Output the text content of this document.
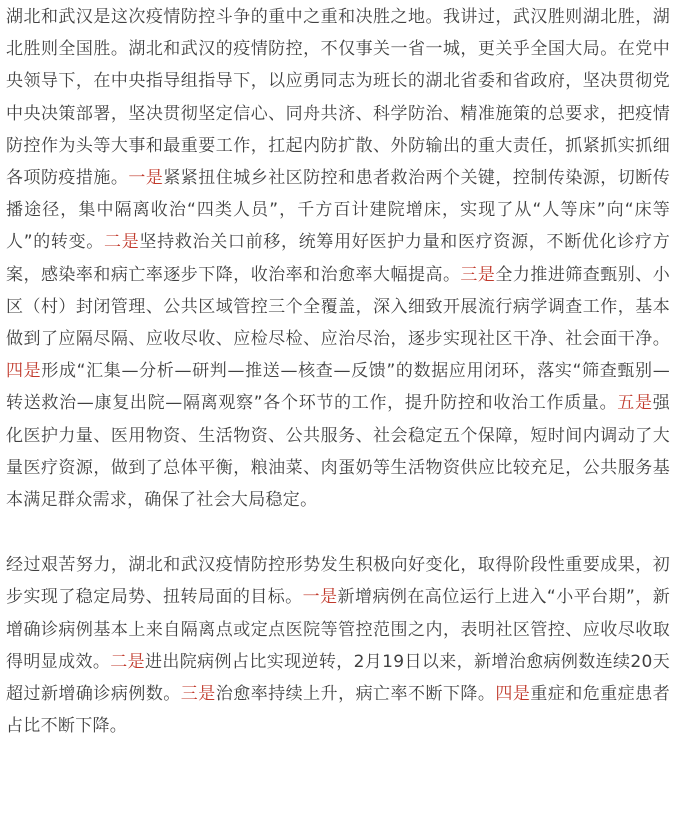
湖北和武汉是这次疫情防控斗争的重中之重和决胜之地。我讲过，武汉胜则湖北胜，湖北胜则全国胜。湖北和武汉的疫情防控，不仅事关一省一城，更关乎全国大局。在党中央领导下，在中央指导组指导下，以应勇同志为班长的湖北省委和省政府，坚决贯彻党中央决策部署，坚决贯彻坚定信心、同舟共济、科学防治、精准施策的总要求，把疫情防控作为头等大事和最重要工作，扛起内防扩散、外防输出的重大责任，抓紧抓实抓细各项防疫措施。一是紧紧扭住城乡社区防控和患者救治两个关键，控制传染源，切断传播途径，集中隔离收治“四类人员”，千方百计建院增床，实现了从“人等床”向“床等人”的转变。二是坚持救治关口前移，统筹用好医护力量和医疗资源，不断优化诊疗方案，感染率和病亡率逐步下降，收治率和治愈率大幅提高。三是全力推进筛查甄别、小区（村）封闭管理、公共区域管控三个全覆盖，深入细致开展流行病学调查工作，基本做到了应隔尽隔、应收尽收、应检尽检、应治尽治，逐步实现社区干净、社会面干净。四是形成“汇集—分析—研判—推送—核查—反馈”的数据应用闭环，落实“筛查甄别—转送救治—康复出院—隔离观察”各个环节的工作，提升防控和收治工作质量。五是强化医护力量、医用物资、生活物资、公共服务、社会稳定五个保障，短时间内调动了大量医疗资源，做到了总体平衡，粮油菜、肉蛋奶等生活物资供应比较充足，公共服务基本满足群众需求，确保了社会大局稳定。

经过艰苦努力，湖北和武汉疫情防控形势发生积极向好变化，取得阶段性重要成果，初步实现了稳定局势、扭转局面的目标。一是新增病例在高位运行上进入“小平台期”，新增确诊病例基本上来自隔离点或定点医院等管控范围之内，表明社区管控、应收尽收取得明显成效。二是进出院病例占比实现逆转，2月19日以来，新增治愈病例数连续20天超过新增确诊病例数。三是治愈率持续上升，病亡率不断下降。四是重症和危重症患者占比不断下降。
